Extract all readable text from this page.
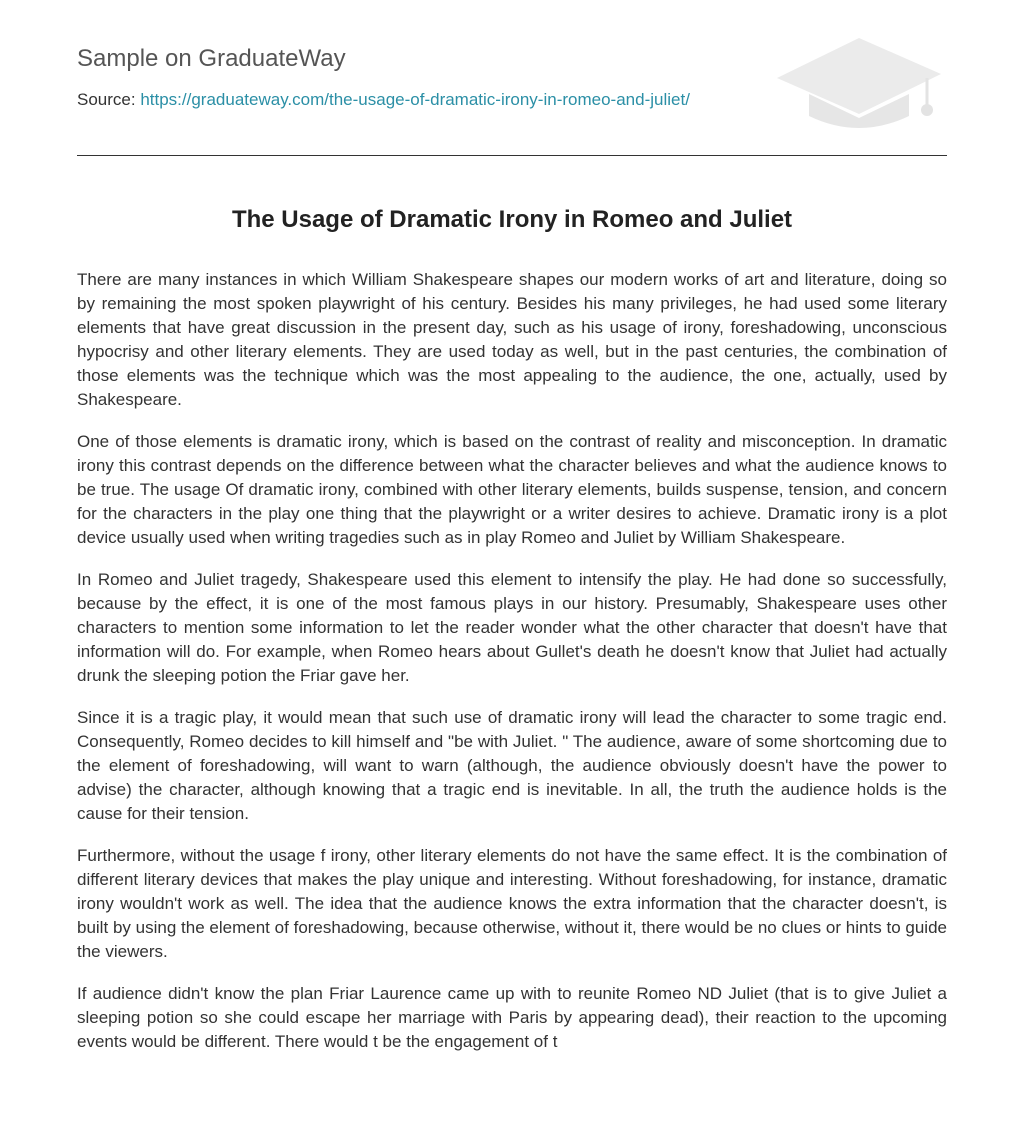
Sample on GraduateWay
Source: https://graduateway.com/the-usage-of-dramatic-irony-in-romeo-and-juliet/
The Usage of Dramatic Irony in Romeo and Juliet

There are many instances in which William Shakespeare shapes our modern works of art and literature, doing so by remaining the most spoken playwright of his century. Besides his many privileges, he had used some literary elements that have great discussion in the present day, such as his usage of irony, foreshadowing, unconscious hypocrisy and other literary elements. They are used today as well, but in the past centuries, the combination of those elements was the technique which was the most appealing to the audience, the one, actually, used by Shakespeare.

One of those elements is dramatic irony, which is based on the contrast of reality and misconception. In dramatic irony this contrast depends on the difference between what the character believes and what the audience knows to be true. The usage Of dramatic irony, combined with other literary elements, builds suspense, tension, and concern for the characters in the play one thing that the playwright or a writer desires to achieve. Dramatic irony is a plot device usually used when writing tragedies such as in play Romeo and Juliet by William Shakespeare.

In Romeo and Juliet tragedy, Shakespeare used this element to intensify the play. He had done so successfully, because by the effect, it is one of the most famous plays in our history. Presumably, Shakespeare uses other characters to mention some information to let the reader wonder what the other character that doesn't have that information will do. For example, when Romeo hears about Gullet's death he doesn't know that Juliet had actually drunk the sleeping potion the Friar gave her.

Since it is a tragic play, it would mean that such use of dramatic irony will lead the character to some tragic end. Consequently, Romeo decides to kill himself and "be with Juliet. " The audience, aware of some shortcoming due to the element of foreshadowing, will want to warn (although, the audience obviously doesn't have the power to advise) the character, although knowing that a tragic end is inevitable. In all, the truth the audience holds is the cause for their tension.

Furthermore, without the usage f irony, other literary elements do not have the same effect. It is the combination of different literary devices that makes the play unique and interesting. Without foreshadowing, for instance, dramatic irony wouldn't work as well. The idea that the audience knows the extra information that the character doesn't, is built by using the element of foreshadowing, because otherwise, without it, there would be no clues or hints to guide the viewers.

If audience didn't know the plan Friar Laurence came up with to reunite Romeo ND Juliet (that is to give Juliet a sleeping potion so she could escape her marriage with Paris by appearing dead), their reaction to the upcoming events would be different. There would t be the engagement of t
